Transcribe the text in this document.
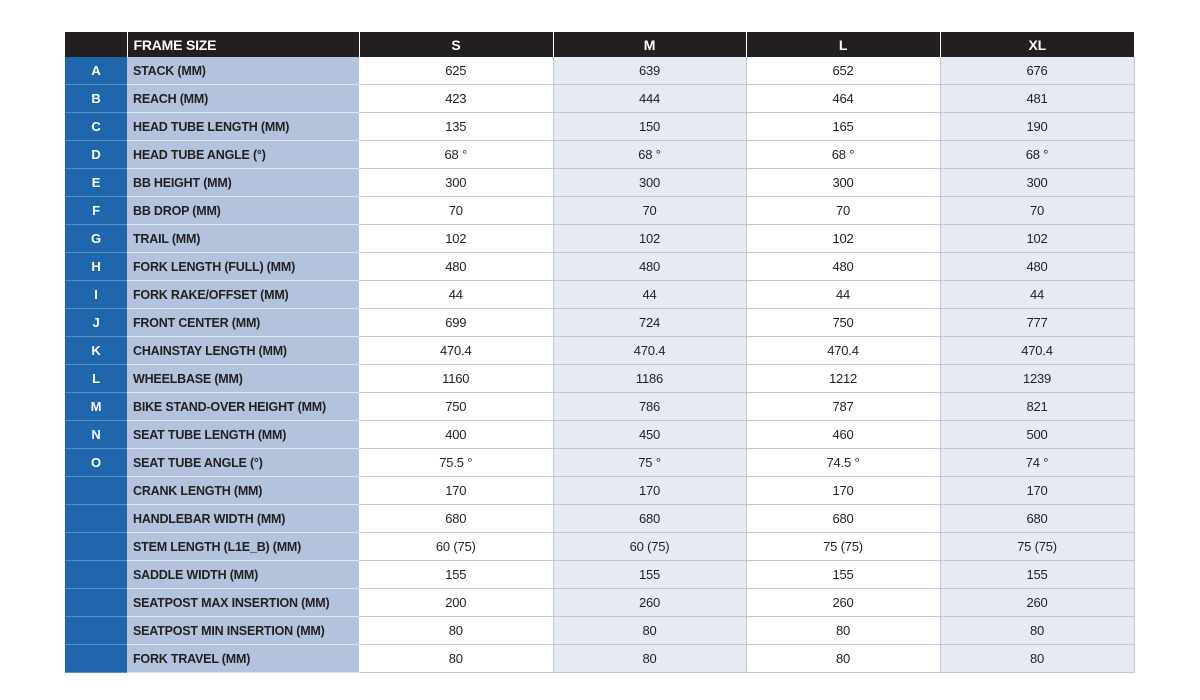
	FRAME SIZE	S	M	L	XL
A	STACK (MM)	625	639	652	676
B	REACH (MM)	423	444	464	481
C	HEAD TUBE LENGTH (MM)	135	150	165	190
D	HEAD TUBE ANGLE (°)	68 °	68 °	68 °	68 °
E	BB HEIGHT (MM)	300	300	300	300
F	BB DROP (MM)	70	70	70	70
G	TRAIL (MM)	102	102	102	102
H	FORK LENGTH (FULL) (MM)	480	480	480	480
I	FORK RAKE/OFFSET (MM)	44	44	44	44
J	FRONT CENTER (MM)	699	724	750	777
K	CHAINSTAY LENGTH (MM)	470.4	470.4	470.4	470.4
L	WHEELBASE (MM)	1160	1186	1212	1239
M	BIKE STAND-OVER HEIGHT (MM)	750	786	787	821
N	SEAT TUBE LENGTH (MM)	400	450	460	500
O	SEAT TUBE ANGLE (°)	75.5 °	75 °	74.5 °	74 °
	CRANK LENGTH (MM)	170	170	170	170
	HANDLEBAR WIDTH (MM)	680	680	680	680
	STEM LENGTH (L1E_B) (MM)	60 (75)	60 (75)	75 (75)	75 (75)
	SADDLE WIDTH (MM)	155	155	155	155
	SEATPOST MAX INSERTION (MM)	200	260	260	260
	SEATPOST MIN INSERTION (MM)	80	80	80	80
	FORK TRAVEL (MM)	80	80	80	80
